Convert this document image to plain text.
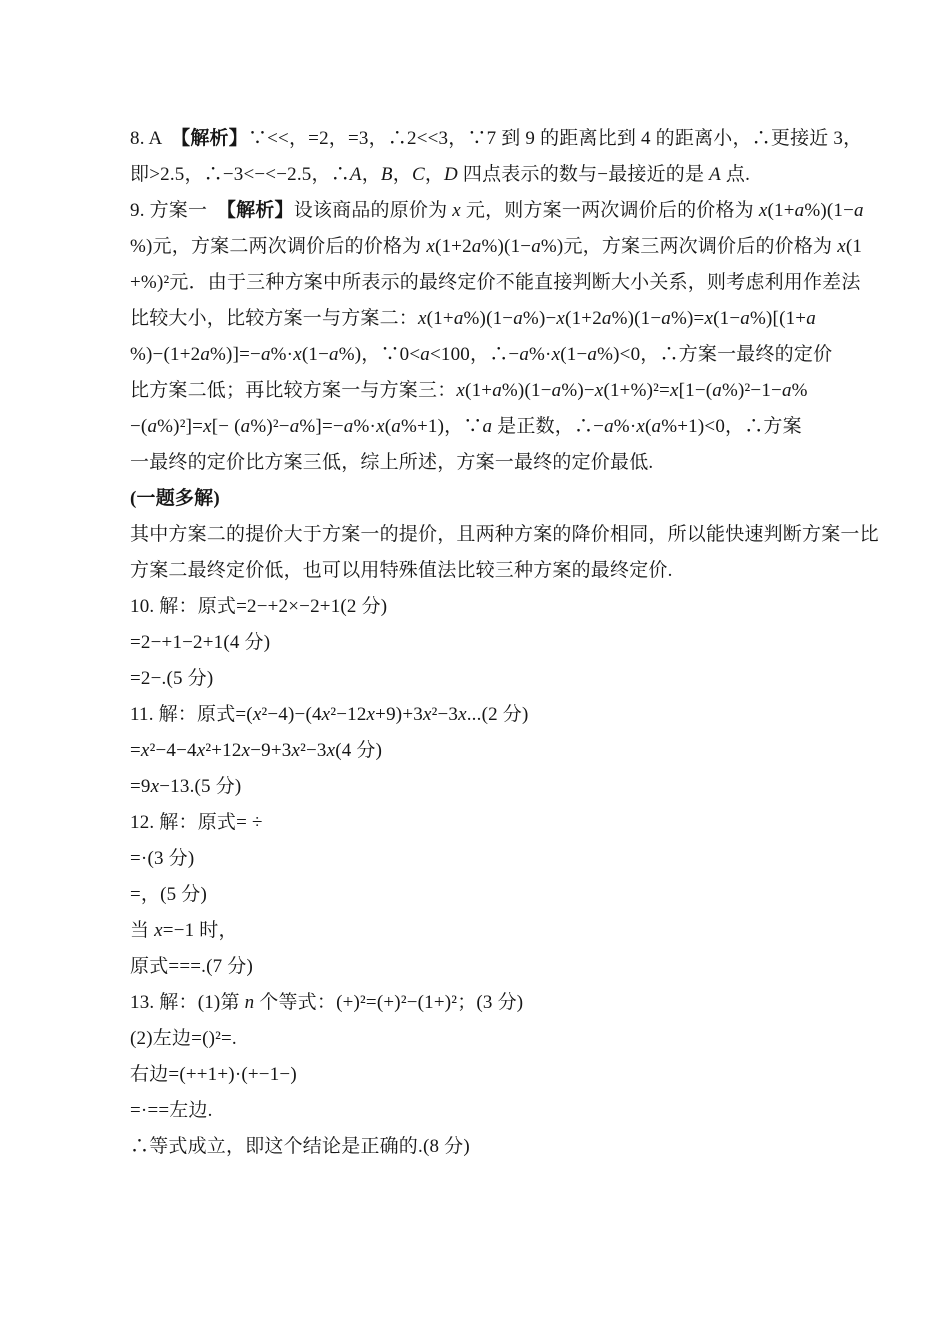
8. A　【解析】∵<<，=2，=3，∴2<<3，∵7 到 9 的距离比到 4 的距离小，∴更接近 3，
即>2.5，∴−3<−<−2.5，∴A，B，C，D 四点表示的数与−最接近的是 A 点.
9. 方案一　【解析】设该商品的原价为 x 元，则方案一两次调价后的价格为 x(1+a%)(1−a
%)元，方案二两次调价后的价格为 x(1+2a%)(1−a%)元，方案三两次调价后的价格为 x(1
+%)²元．由于三种方案中所表示的最终定价不能直接判断大小关系，则考虑利用作差法
比较大小，比较方案一与方案二：x(1+a%)(1−a%)−x(1+2a%)(1−a%)=x(1−a%)[(1+a
%)−(1+2a%)]=−a%·x(1−a%)，∵0<a<100，∴−a%·x(1−a%)<0，∴方案一最终的定价
比方案二低；再比较方案一与方案三：x(1+a%)(1−a%)−x(1+%)²=x[1−(a%)²−1−a%
−(a%)²]=x[− (a%)²−a%]=−a%·x(a%+1)，∵a 是正数，∴−a%·x(a%+1)<0，∴方案
一最终的定价比方案三低，综上所述，方案一最终的定价最低.
(一题多解)
其中方案二的提价大于方案一的提价，且两种方案的降价相同，所以能快速判断方案一比
方案二最终定价低，也可以用特殊值法比较三种方案的最终定价.
10. 解：原式=2−+2×−2+1(2 分)
=2−+1−2+1(4 分)
=2−.(5 分)
11. 解：原式=(x²−4)−(4x²−12x+9)+3x²−3x...(2 分)
=x²−4−4x²+12x−9+3x²−3x(4 分)
=9x−13.(5 分)
12. 解：原式= ÷
=·(3 分)
=，(5 分)
当 x=−1 时，
原式===.(7 分)
13. 解：(1)第 n 个等式：(+)²=(+)²−(1+)²；(3 分)
(2)左边=()²=.
右边=(++1+)·(+−1−)
=·==左边.
∴等式成立，即这个结论是正确的.(8 分)
